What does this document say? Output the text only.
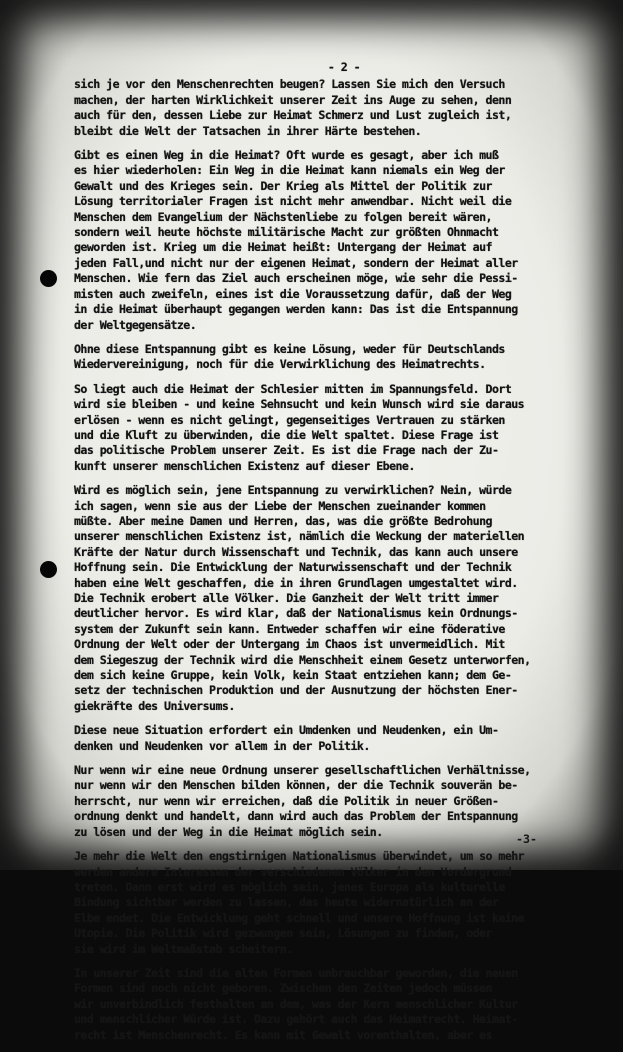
- 2 -
sich je vor den Menschenrechten beugen? Lassen Sie mich den Versuch
machen, der harten Wirklichkeit unserer Zeit ins Auge zu sehen, denn
auch für den, dessen Liebe zur Heimat Schmerz und Lust zugleich ist,
bleibt die Welt der Tatsachen in ihrer Härte bestehen.
Gibt es einen Weg in die Heimat? Oft wurde es gesagt, aber ich muß
es hier wiederholen: Ein Weg in die Heimat kann niemals ein Weg der
Gewalt und des Krieges sein. Der Krieg als Mittel der Politik zur
Lösung territorialer Fragen ist nicht mehr anwendbar. Nicht weil die
Menschen dem Evangelium der Nächstenliebe zu folgen bereit wären,
sondern weil heute höchste militärische Macht zur größten Ohnmacht
geworden ist. Krieg um die Heimat heißt: Untergang der Heimat auf
jeden Fall,und nicht nur der eigenen Heimat, sondern der Heimat aller
Menschen. Wie fern das Ziel auch erscheinen möge, wie sehr die Pessi-
misten auch zweifeln, eines ist die Voraussetzung dafür, daß der Weg
in die Heimat überhaupt gegangen werden kann: Das ist die Entspannung
der Weltgegensätze.
Ohne diese Entspannung gibt es keine Lösung, weder für Deutschlands
Wiedervereinigung, noch für die Verwirklichung des Heimatrechts.
So liegt auch die Heimat der Schlesier mitten im Spannungsfeld. Dort
wird sie bleiben - und keine Sehnsucht und kein Wunsch wird sie daraus
erlösen - wenn es nicht gelingt, gegenseitiges Vertrauen zu stärken
und die Kluft zu überwinden, die die Welt spaltet. Diese Frage ist
das politische Problem unserer Zeit. Es ist die Frage nach der Zu-
kunft unserer menschlichen Existenz auf dieser Ebene.
Wird es möglich sein, jene Entspannung zu verwirklichen? Nein, würde
ich sagen, wenn sie aus der Liebe der Menschen zueinander kommen
müßte. Aber meine Damen und Herren, das, was die größte Bedrohung
unserer menschlichen Existenz ist, nämlich die Weckung der materiellen
Kräfte der Natur durch Wissenschaft und Technik, das kann auch unsere
Hoffnung sein. Die Entwicklung der Naturwissenschaft und der Technik
haben eine Welt geschaffen, die in ihren Grundlagen umgestaltet wird.
Die Technik erobert alle Völker. Die Ganzheit der Welt tritt immer
deutlicher hervor. Es wird klar, daß der Nationalismus kein Ordnungs-
system der Zukunft sein kann. Entweder schaffen wir eine föderative
Ordnung der Welt oder der Untergang im Chaos ist unvermeidlich. Mit
dem Siegeszug der Technik wird die Menschheit einem Gesetz unterworfen,
dem sich keine Gruppe, kein Volk, kein Staat entziehen kann; dem Ge-
setz der technischen Produktion und der Ausnutzung der höchsten Ener-
giekräfte des Universums.
Diese neue Situation erfordert ein Umdenken und Neudenken, ein Um-
denken und Neudenken vor allem in der Politik.
Nur wenn wir eine neue Ordnung unserer gesellschaftlichen Verhältnisse,
nur wenn wir den Menschen bilden können, der die Technik souverän be-
herrscht, nur wenn wir erreichen, daß die Politik in neuer Größen-
ordnung denkt und handelt, dann wird auch das Problem der Entspannung
zu lösen und der Weg in die Heimat möglich sein.
Je mehr die Welt den engstirnigen Nationalismus überwindet, um so mehr
werden andere Interessen der verschiedenen Völker in den Vordergrund
treten. Dann erst wird es möglich sein, jenes Europa als kulturelle
Bindung sichtbar werden zu lassen, das heute widernatürlich an der
Elbe endet. Die Entwicklung geht schnell und unsere Hoffnung ist keine
Utopie. Die Politik wird gezwungen sein, Lösungen zu finden, oder
sie wird im Weltmaßstab scheitern.
In unserer Zeit sind die alten Formen unbrauchbar geworden, die neuen
Formen sind noch nicht geboren. Zwischen den Zeiten jedoch müssen
wir unverbindlich festhalten an dem, was der Kern menschlicher Kultur
und menschlicher Würde ist. Dazu gehört auch das Heimatrecht. Heimat-
recht ist Menschenrecht. Es kann mit Gewalt vorenthalten, aber es
-3-
